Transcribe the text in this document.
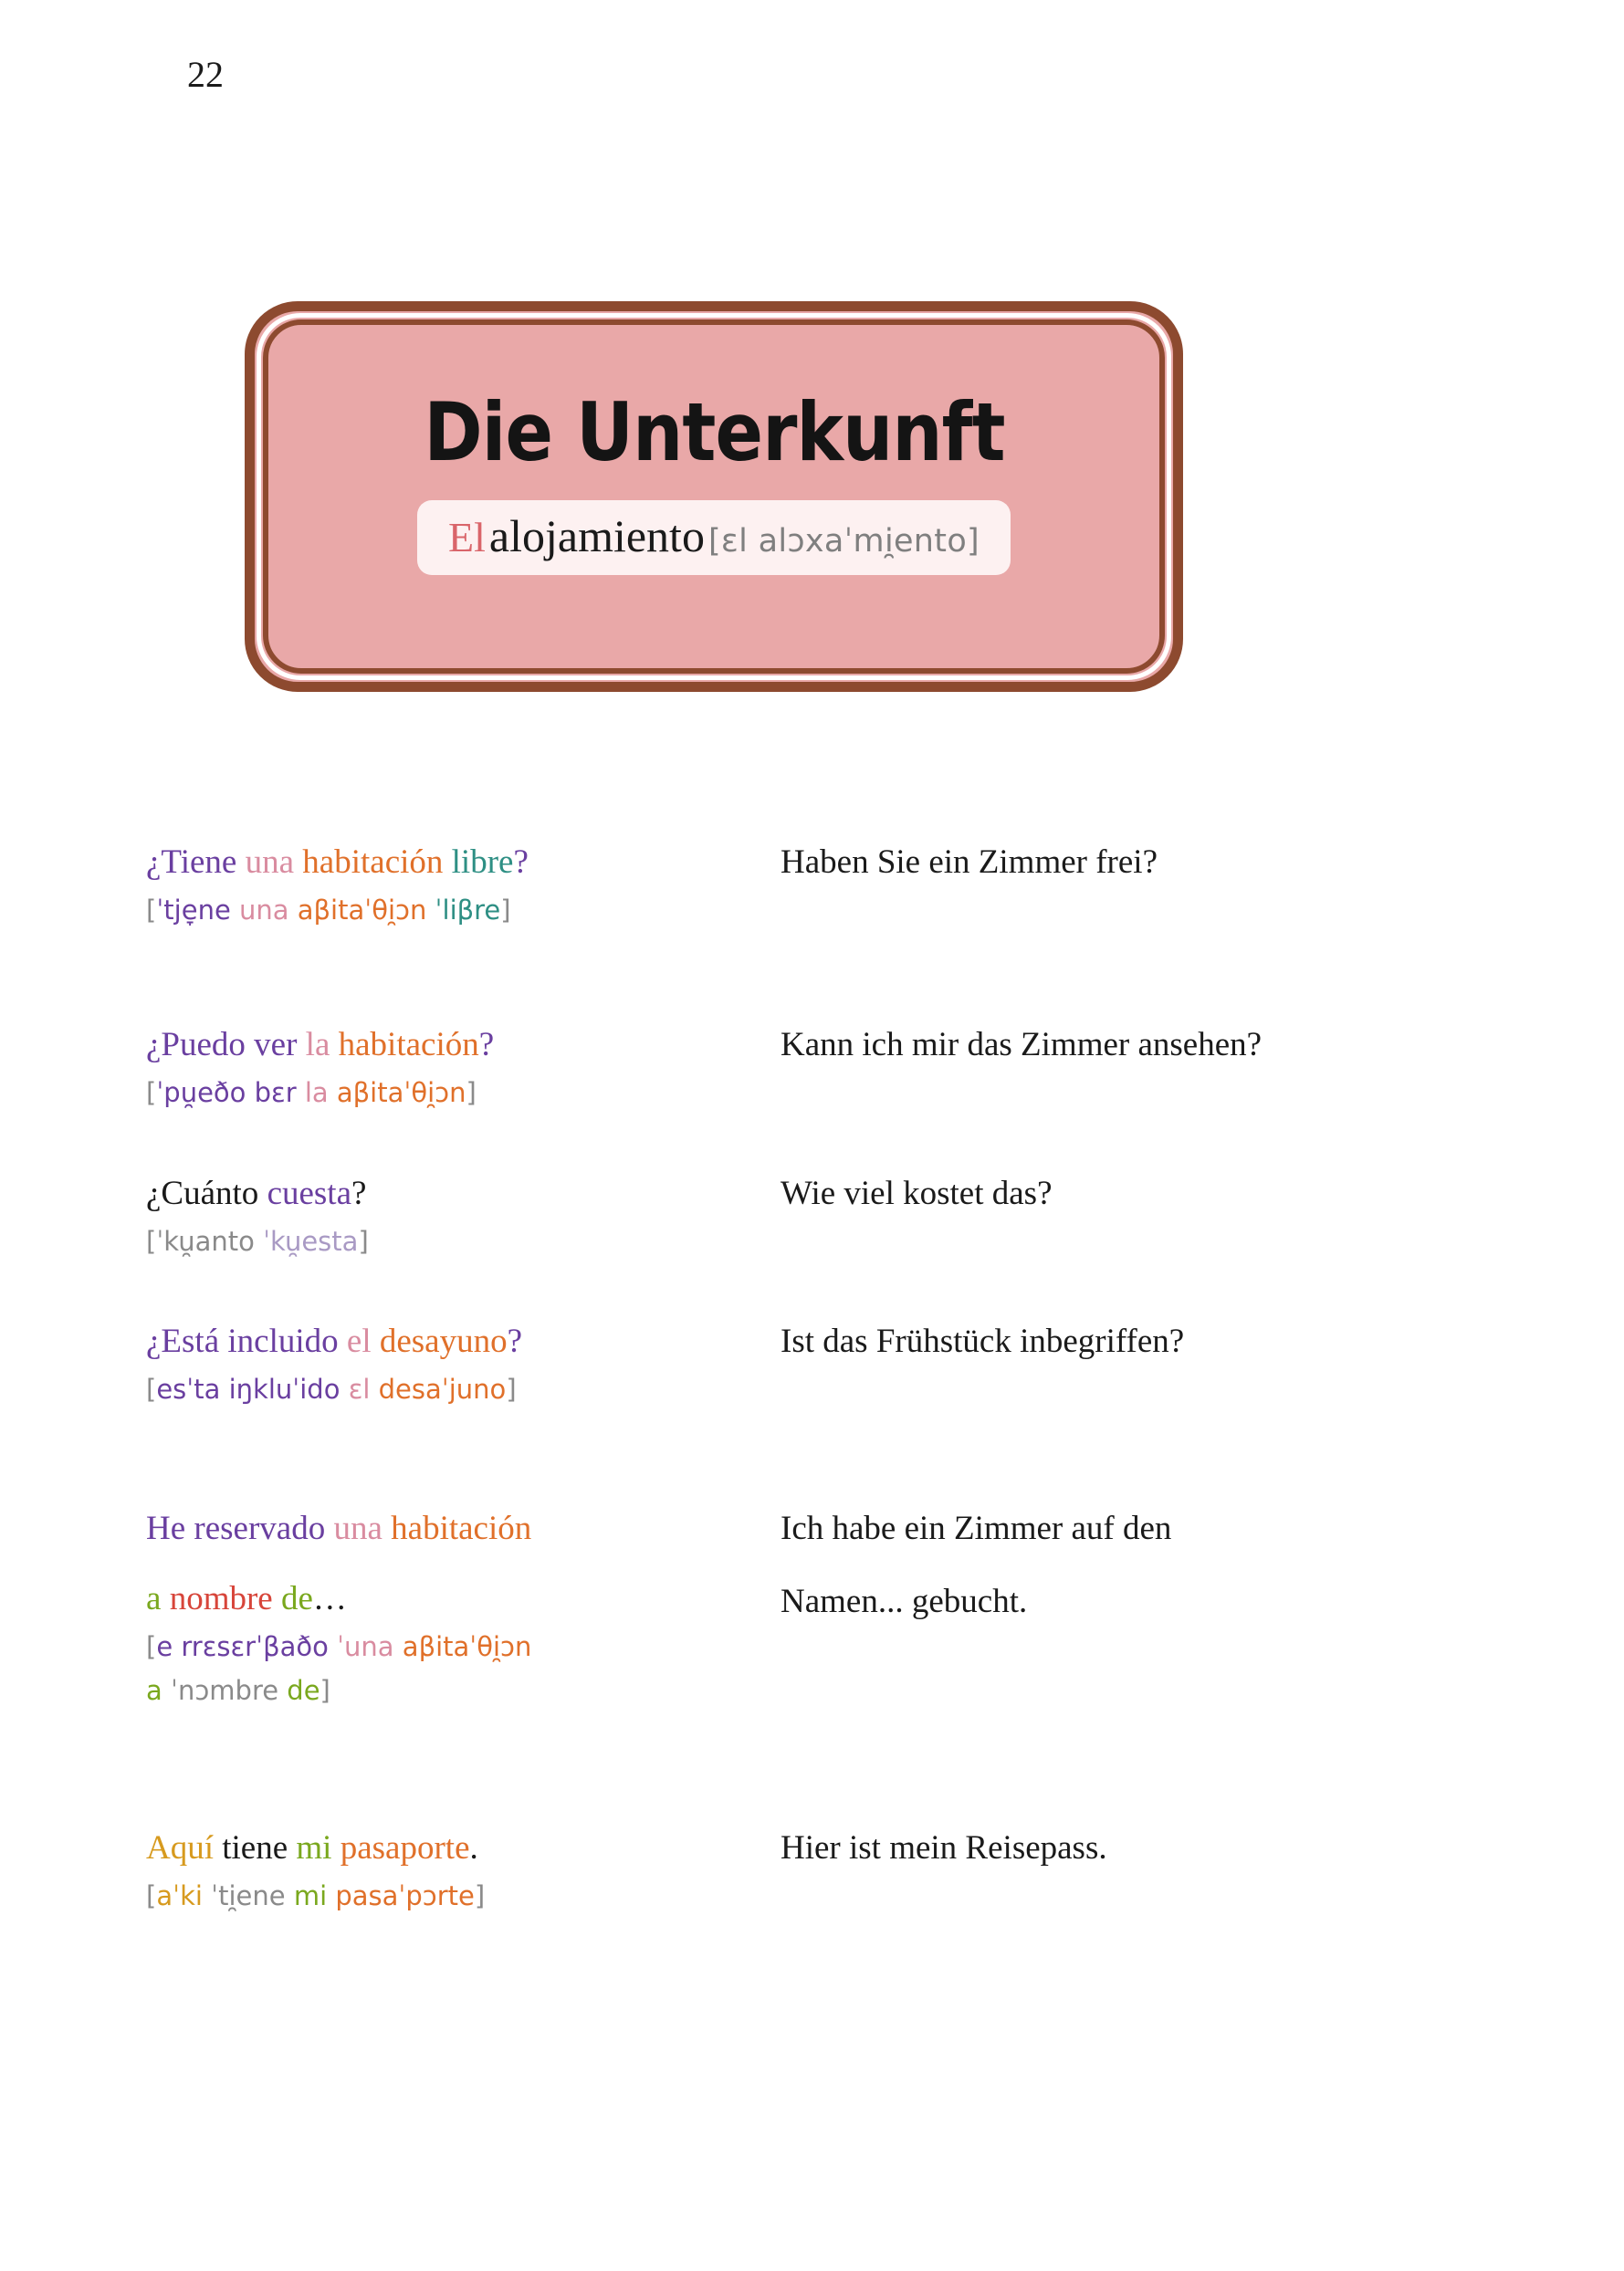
22
Die Unterkunft
El alojamiento [ɛl alɔxaˈmi̯ento]
¿Tiene una habitación libre?
[ˈtje̞ne una aβitaˈθi̯ɔn ˈliβre]
Haben Sie ein Zimmer frei?
¿Puedo ver la habitación?
[ˈpu̯eðo bɛr la aβitaˈθi̯ɔn]
Kann ich mir das Zimmer ansehen?
¿Cuánto cuesta?
[ˈku̯anto ˈku̯esta]
Wie viel kostet das?
¿Está incluido el desayuno?
[esˈta iŋkluˈido ɛl desaˈjuno]
Ist das Frühstück inbegriffen?
He reservado una habitación
a nombre de…
[e rrɛsɛrˈβaðo ˈuna aβitaˈθi̯ɔn
a ˈnɔmbre de]
Ich habe ein Zimmer auf den
Namen... gebucht.
Aquí tiene mi pasaporte.
[aˈki ˈti̯ene mi pasaˈpɔrte]
Hier ist mein Reisepass.
